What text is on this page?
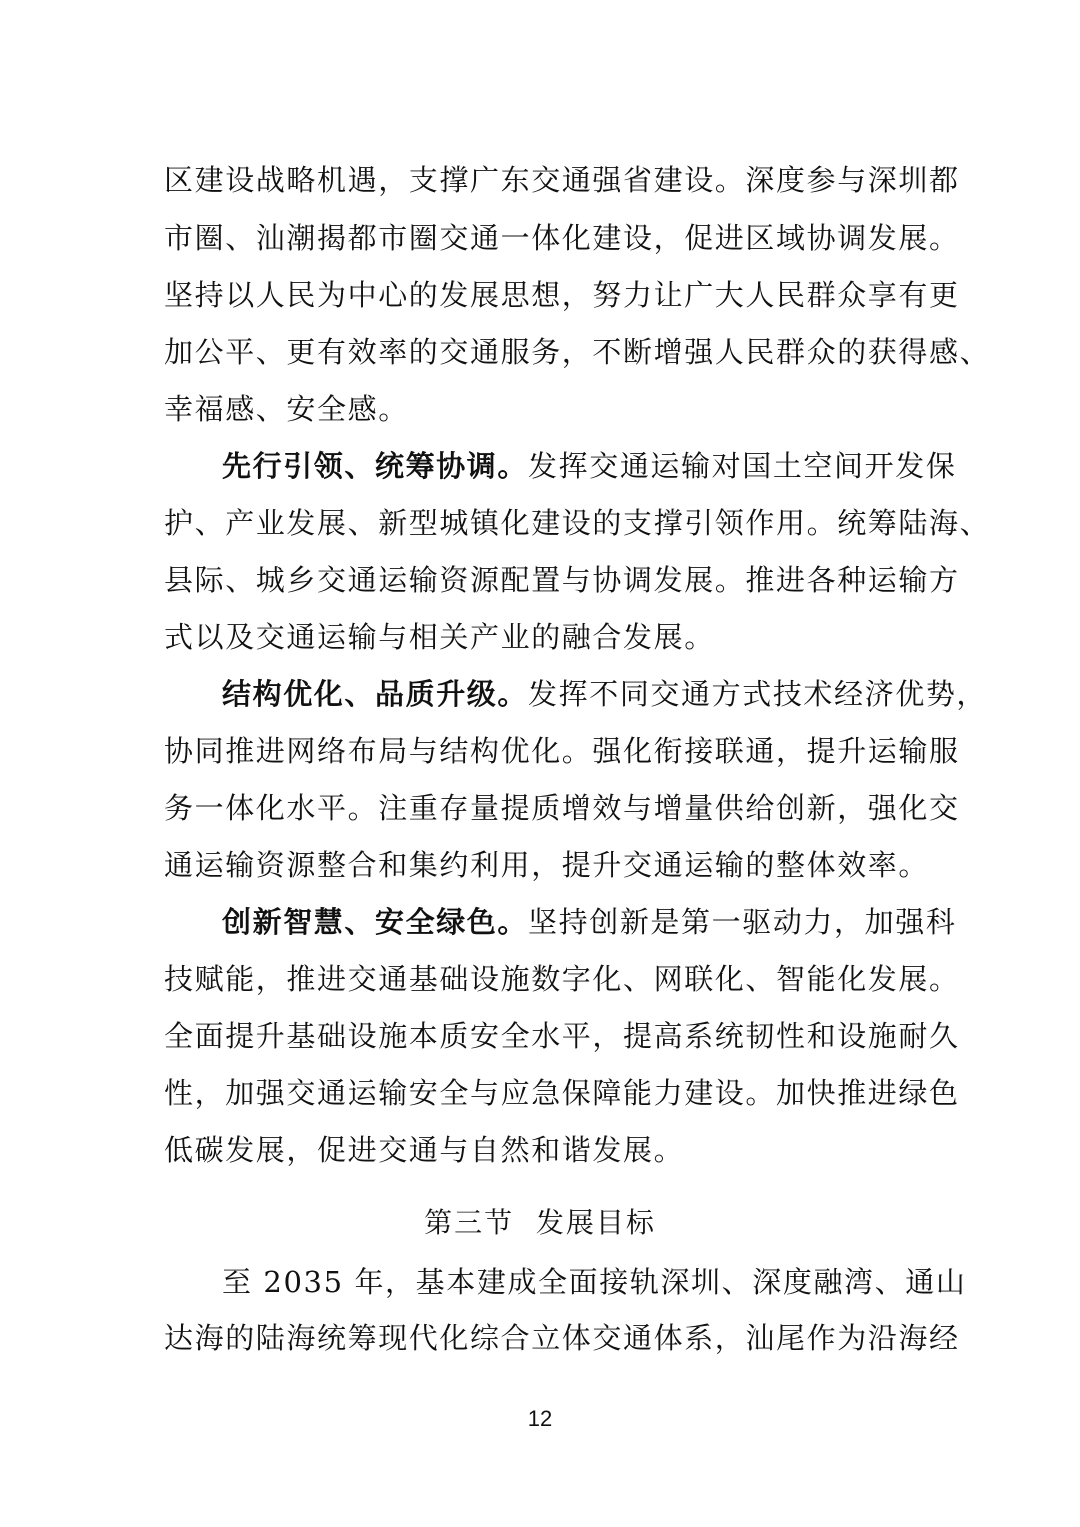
区建设战略机遇，支撑广东交通强省建设。深度参与深圳都
市圈、汕潮揭都市圈交通一体化建设，促进区域协调发展。
坚持以人民为中心的发展思想，努力让广大人民群众享有更
加公平、更有效率的交通服务，不断增强人民群众的获得感、
幸福感、安全感。
先行引领、统筹协调。发挥交通运输对国土空间开发保
护、产业发展、新型城镇化建设的支撑引领作用。统筹陆海、
县际、城乡交通运输资源配置与协调发展。推进各种运输方
式以及交通运输与相关产业的融合发展。
结构优化、品质升级。发挥不同交通方式技术经济优势，
协同推进网络布局与结构优化。强化衔接联通，提升运输服
务一体化水平。注重存量提质增效与增量供给创新，强化交
通运输资源整合和集约利用，提升交通运输的整体效率。
创新智慧、安全绿色。坚持创新是第一驱动力，加强科
技赋能，推进交通基础设施数字化、网联化、智能化发展。
全面提升基础设施本质安全水平，提高系统韧性和设施耐久
性，加强交通运输安全与应急保障能力建设。加快推进绿色
低碳发展，促进交通与自然和谐发展。
第三节  发展目标
至 2035 年，基本建成全面接轨深圳、深度融湾、通山
达海的陆海统筹现代化综合立体交通体系，汕尾作为沿海经
12
